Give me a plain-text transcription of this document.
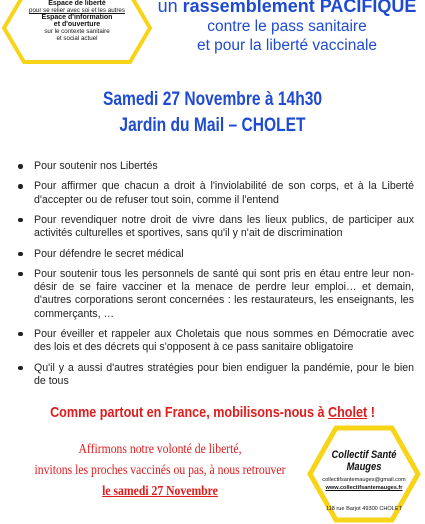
Espace de liberté
pour se relier avec soi et les autres
Espace d'information
et d'ouverture
sur le contexte sanitaire
et social actuel
un rassemblement PACIFIQUE
contre le pass sanitaire
et pour la liberté vaccinale
Samedi 27 Novembre à 14h30
Jardin du Mail – CHOLET
Pour soutenir nos Libertés
Pour affirmer que chacun a droit à l'inviolabilité de son corps, et à la Liberté d'accepter ou de refuser tout soin, comme il l'entend
Pour revendiquer notre droit de vivre dans les lieux publics, de participer aux activités culturelles et sportives, sans qu'il y n'ait de discrimination
Pour défendre le secret médical
Pour soutenir tous les personnels de santé qui sont pris en étau entre leur non-désir de se faire vacciner et la menace de perdre leur emploi… et demain, d'autres corporations seront concernées : les restaurateurs, les enseignants, les commerçants, …
Pour éveiller et rappeler aux Choletais que nous sommes en Démocratie avec des lois et des décrets qui s'opposent à ce pass sanitaire obligatoire
Qu'il y a aussi d'autres stratégies pour bien endiguer la pandémie, pour le bien de tous
Comme partout en France, mobilisons-nous à Cholet !
Affirmons notre volonté de liberté,
invitons les proches vaccinés ou pas, à nous retrouver
le samedi 27 Novembre
Collectif Santé Mauges
collectifsantemauges@gmail.com
www.collectifsantemauges.fr
118 rue Barjot 49300 CHOLET
